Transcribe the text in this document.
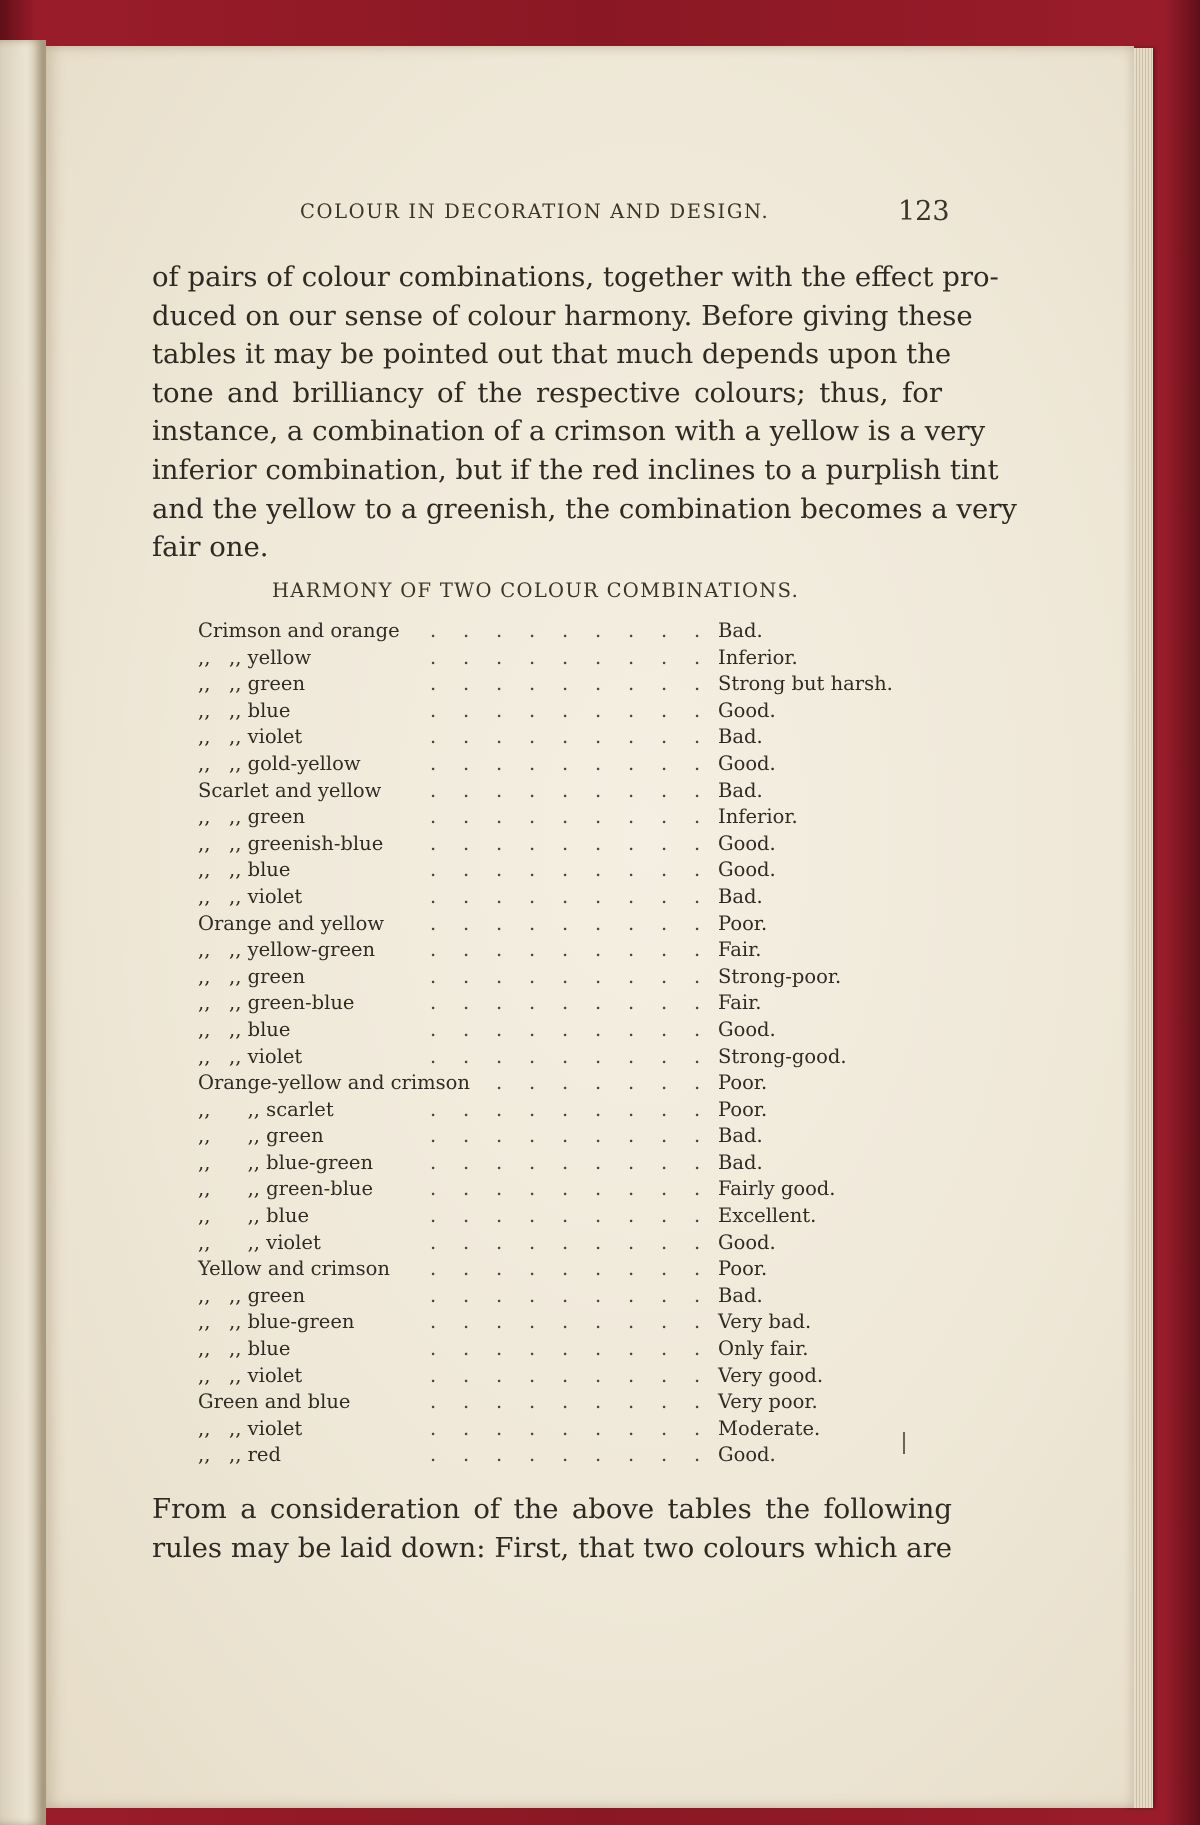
COLOUR IN DECORATION AND DESIGN.	123
of pairs of colour combinations, together with the effect pro-
duced on our sense of colour harmony. Before giving these
tables it may be pointed out that much depends upon the
tone and brilliancy of the respective colours; thus, for
instance, a combination of a crimson with a yellow is a very
inferior combination, but if the red inclines to a purplish tint
and the yellow to a greenish, the combination becomes a very
fair one.
HARMONY OF TWO COLOUR COMBINATIONS.
Crimson and orange	Bad.
. . . . . . . . .
,,   ,, yellow	Inferior.
. . . . . . . . .
,,   ,, green	Strong but harsh.
. . . . . . . . .
,,   ,, blue	Good.
. . . . . . . . .
,,   ,, violet	Bad.
. . . . . . . . .
,,   ,, gold-yellow	Good.
. . . . . . . . .
Scarlet and yellow	Bad.
. . . . . . . . .
,,   ,, green	Inferior.
. . . . . . . . .
,,   ,, greenish-blue	Good.
. . . . . . . . .
,,   ,, blue	Good.
. . . . . . . . .
,,   ,, violet	Bad.
. . . . . . . . .
Orange and yellow	Poor.
. . . . . . . . .
,,   ,, yellow-green	Fair.
. . . . . . . . .
,,   ,, green	Strong-poor.
. . . . . . . . .
,,   ,, green-blue	Fair.
. . . . . . . . .
,,   ,, blue	Good.
. . . . . . . . .
,,   ,, violet	Strong-good.
. . . . . . . . .
Orange-yellow and crimson	Poor.
. . . . . . .
,,      ,, scarlet	Poor.
. . . . . . . . .
,,      ,, green	Bad.
. . . . . . . . .
,,      ,, blue-green	Bad.
. . . . . . . . .
,,      ,, green-blue	Fairly good.
. . . . . . . . .
,,      ,, blue	Excellent.
. . . . . . . . .
,,      ,, violet	Good.
. . . . . . . . .
Yellow and crimson	Poor.
. . . . . . . . .
,,   ,, green	Bad.
. . . . . . . . .
,,   ,, blue-green	Very bad.
. . . . . . . . .
,,   ,, blue	Only fair.
. . . . . . . . .
,,   ,, violet	Very good.
. . . . . . . . .
Green and blue	Very poor.
. . . . . . . . .
,,   ,, violet	Moderate.
. . . . . . . . .
,,   ,, red	Good.
. . . . . . . . .
From a consideration of the above tables the following
rules may be laid down: First, that two colours which are
